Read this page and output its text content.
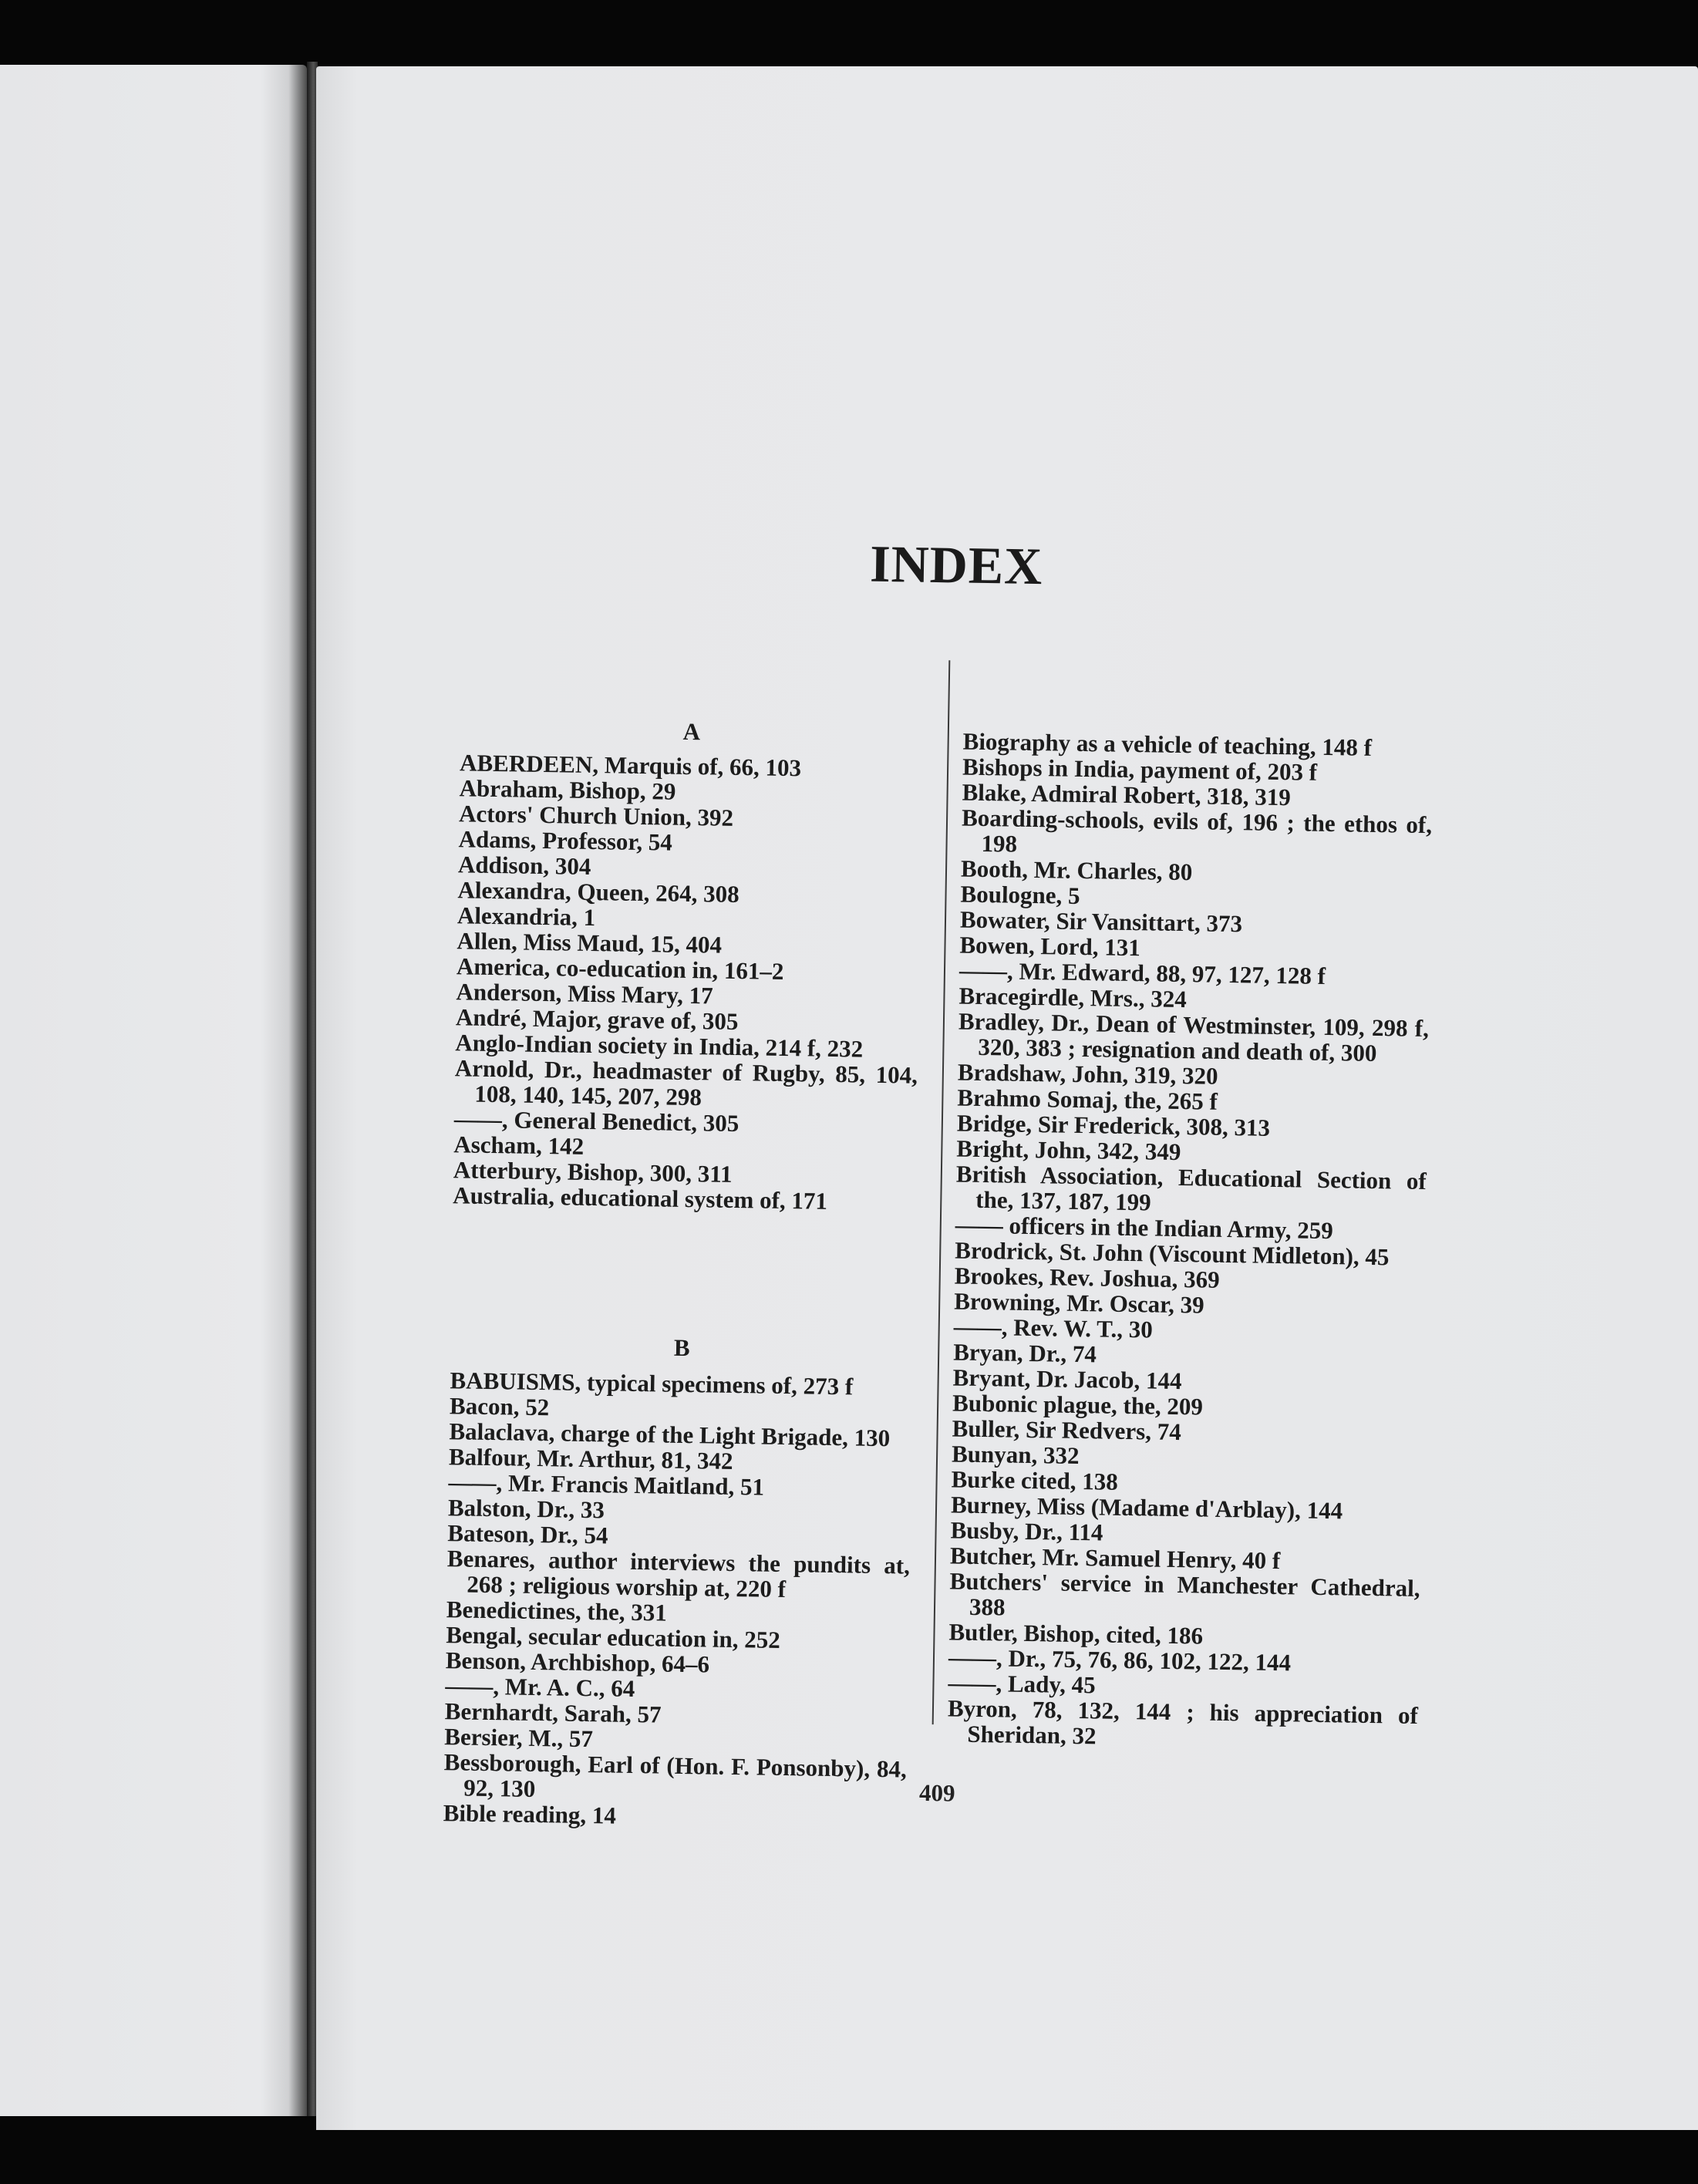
INDEX
A

ABERDEEN, Marquis of, 66, 103

Abraham, Bishop, 29

Actors' Church Union, 392

Adams, Professor, 54

Addison, 304

Alexandra, Queen, 264, 308

Alexandria, 1

Allen, Miss Maud, 15, 404

America, co-education in, 161–2

Anderson, Miss Mary, 17

André, Major, grave of, 305

Anglo-Indian society in India, 214 f, 232

Arnold, Dr., headmaster of Rugby, 85, 104, 108, 140, 145, 207, 298

——, General Benedict, 305

Ascham, 142

Atterbury, Bishop, 300, 311

Australia, educational system of, 171

B

BABUISMS, typical specimens of, 273 f

Bacon, 52

Balaclava, charge of the Light Brigade, 130

Balfour, Mr. Arthur, 81, 342

——, Mr. Francis Maitland, 51

Balston, Dr., 33

Bateson, Dr., 54

Benares, author interviews the pundits at, 268 ; religious worship at, 220 f

Benedictines, the, 331

Bengal, secular education in, 252

Benson, Archbishop, 64–6

——, Mr. A. C., 64

Bernhardt, Sarah, 57

Bersier, M., 57

Bessborough, Earl of (Hon. F. Ponsonby), 84, 92, 130

Bible reading, 14

Biography as a vehicle of teaching, 148 f

Bishops in India, payment of, 203 f

Blake, Admiral Robert, 318, 319

Boarding-schools, evils of, 196 ; the ethos of, 198

Booth, Mr. Charles, 80

Boulogne, 5

Bowater, Sir Vansittart, 373

Bowen, Lord, 131

——, Mr. Edward, 88, 97, 127, 128 f

Bracegirdle, Mrs., 324

Bradley, Dr., Dean of Westminster, 109, 298 f, 320, 383 ; resignation and death of, 300

Bradshaw, John, 319, 320

Brahmo Somaj, the, 265 f

Bridge, Sir Frederick, 308, 313

Bright, John, 342, 349

British Association, Educational Section of the, 137, 187, 199

—— officers in the Indian Army, 259

Brodrick, St. John (Viscount Midleton), 45

Brookes, Rev. Joshua, 369

Browning, Mr. Oscar, 39

——, Rev. W. T., 30

Bryan, Dr., 74

Bryant, Dr. Jacob, 144

Bubonic plague, the, 209

Buller, Sir Redvers, 74

Bunyan, 332

Burke cited, 138

Burney, Miss (Madame d'Arblay), 144

Busby, Dr., 114

Butcher, Mr. Samuel Henry, 40 f

Butchers' service in Manchester Cathedral, 388

Butler, Bishop, cited, 186

——, Dr., 75, 76, 86, 102, 122, 144

——, Lady, 45

Byron, 78, 132, 144 ; his appreciation of Sheridan, 32

409
